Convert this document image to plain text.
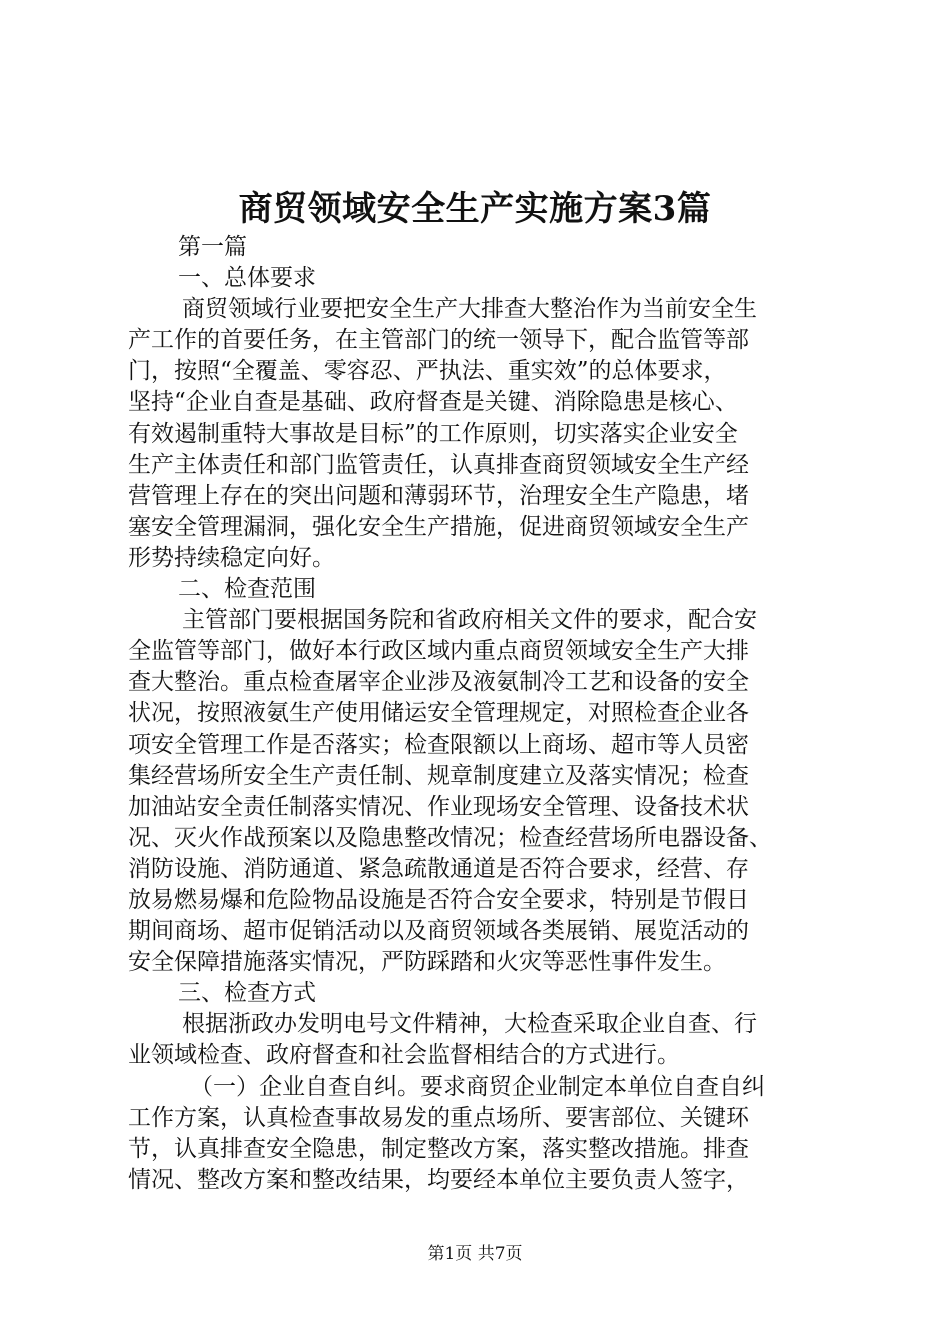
商贸领域安全生产实施方案3篇
第一篇
一、总体要求
商贸领域行业要把安全生产大排查大整治作为当前安全生
产工作的首要任务，在主管部门的统一领导下，配合监管等部
门，按照“全覆盖、零容忍、严执法、重实效”的总体要求，
坚持“企业自查是基础、政府督查是关键、消除隐患是核心、
有效遏制重特大事故是目标”的工作原则，切实落实企业安全
生产主体责任和部门监管责任，认真排查商贸领域安全生产经
营管理上存在的突出问题和薄弱环节，治理安全生产隐患，堵
塞安全管理漏洞，强化安全生产措施，促进商贸领域安全生产
形势持续稳定向好。
二、检查范围
主管部门要根据国务院和省政府相关文件的要求，配合安
全监管等部门，做好本行政区域内重点商贸领域安全生产大排
查大整治。重点检查屠宰企业涉及液氨制冷工艺和设备的安全
状况，按照液氨生产使用储运安全管理规定，对照检查企业各
项安全管理工作是否落实；检查限额以上商场、超市等人员密
集经营场所安全生产责任制、规章制度建立及落实情况；检查
加油站安全责任制落实情况、作业现场安全管理、设备技术状
况、灭火作战预案以及隐患整改情况；检查经营场所电器设备、
消防设施、消防通道、紧急疏散通道是否符合要求，经营、存
放易燃易爆和危险物品设施是否符合安全要求，特别是节假日
期间商场、超市促销活动以及商贸领域各类展销、展览活动的
安全保障措施落实情况，严防踩踏和火灾等恶性事件发生。
三、检查方式
根据浙政办发明电号文件精神，大检查采取企业自查、行
业领域检查、政府督查和社会监督相结合的方式进行。
（一）企业自查自纠。要求商贸企业制定本单位自查自纠
工作方案，认真检查事故易发的重点场所、要害部位、关键环
节，认真排查安全隐患，制定整改方案，落实整改措施。排查
情况、整改方案和整改结果，均要经本单位主要负责人签字，
第1页 共7页
